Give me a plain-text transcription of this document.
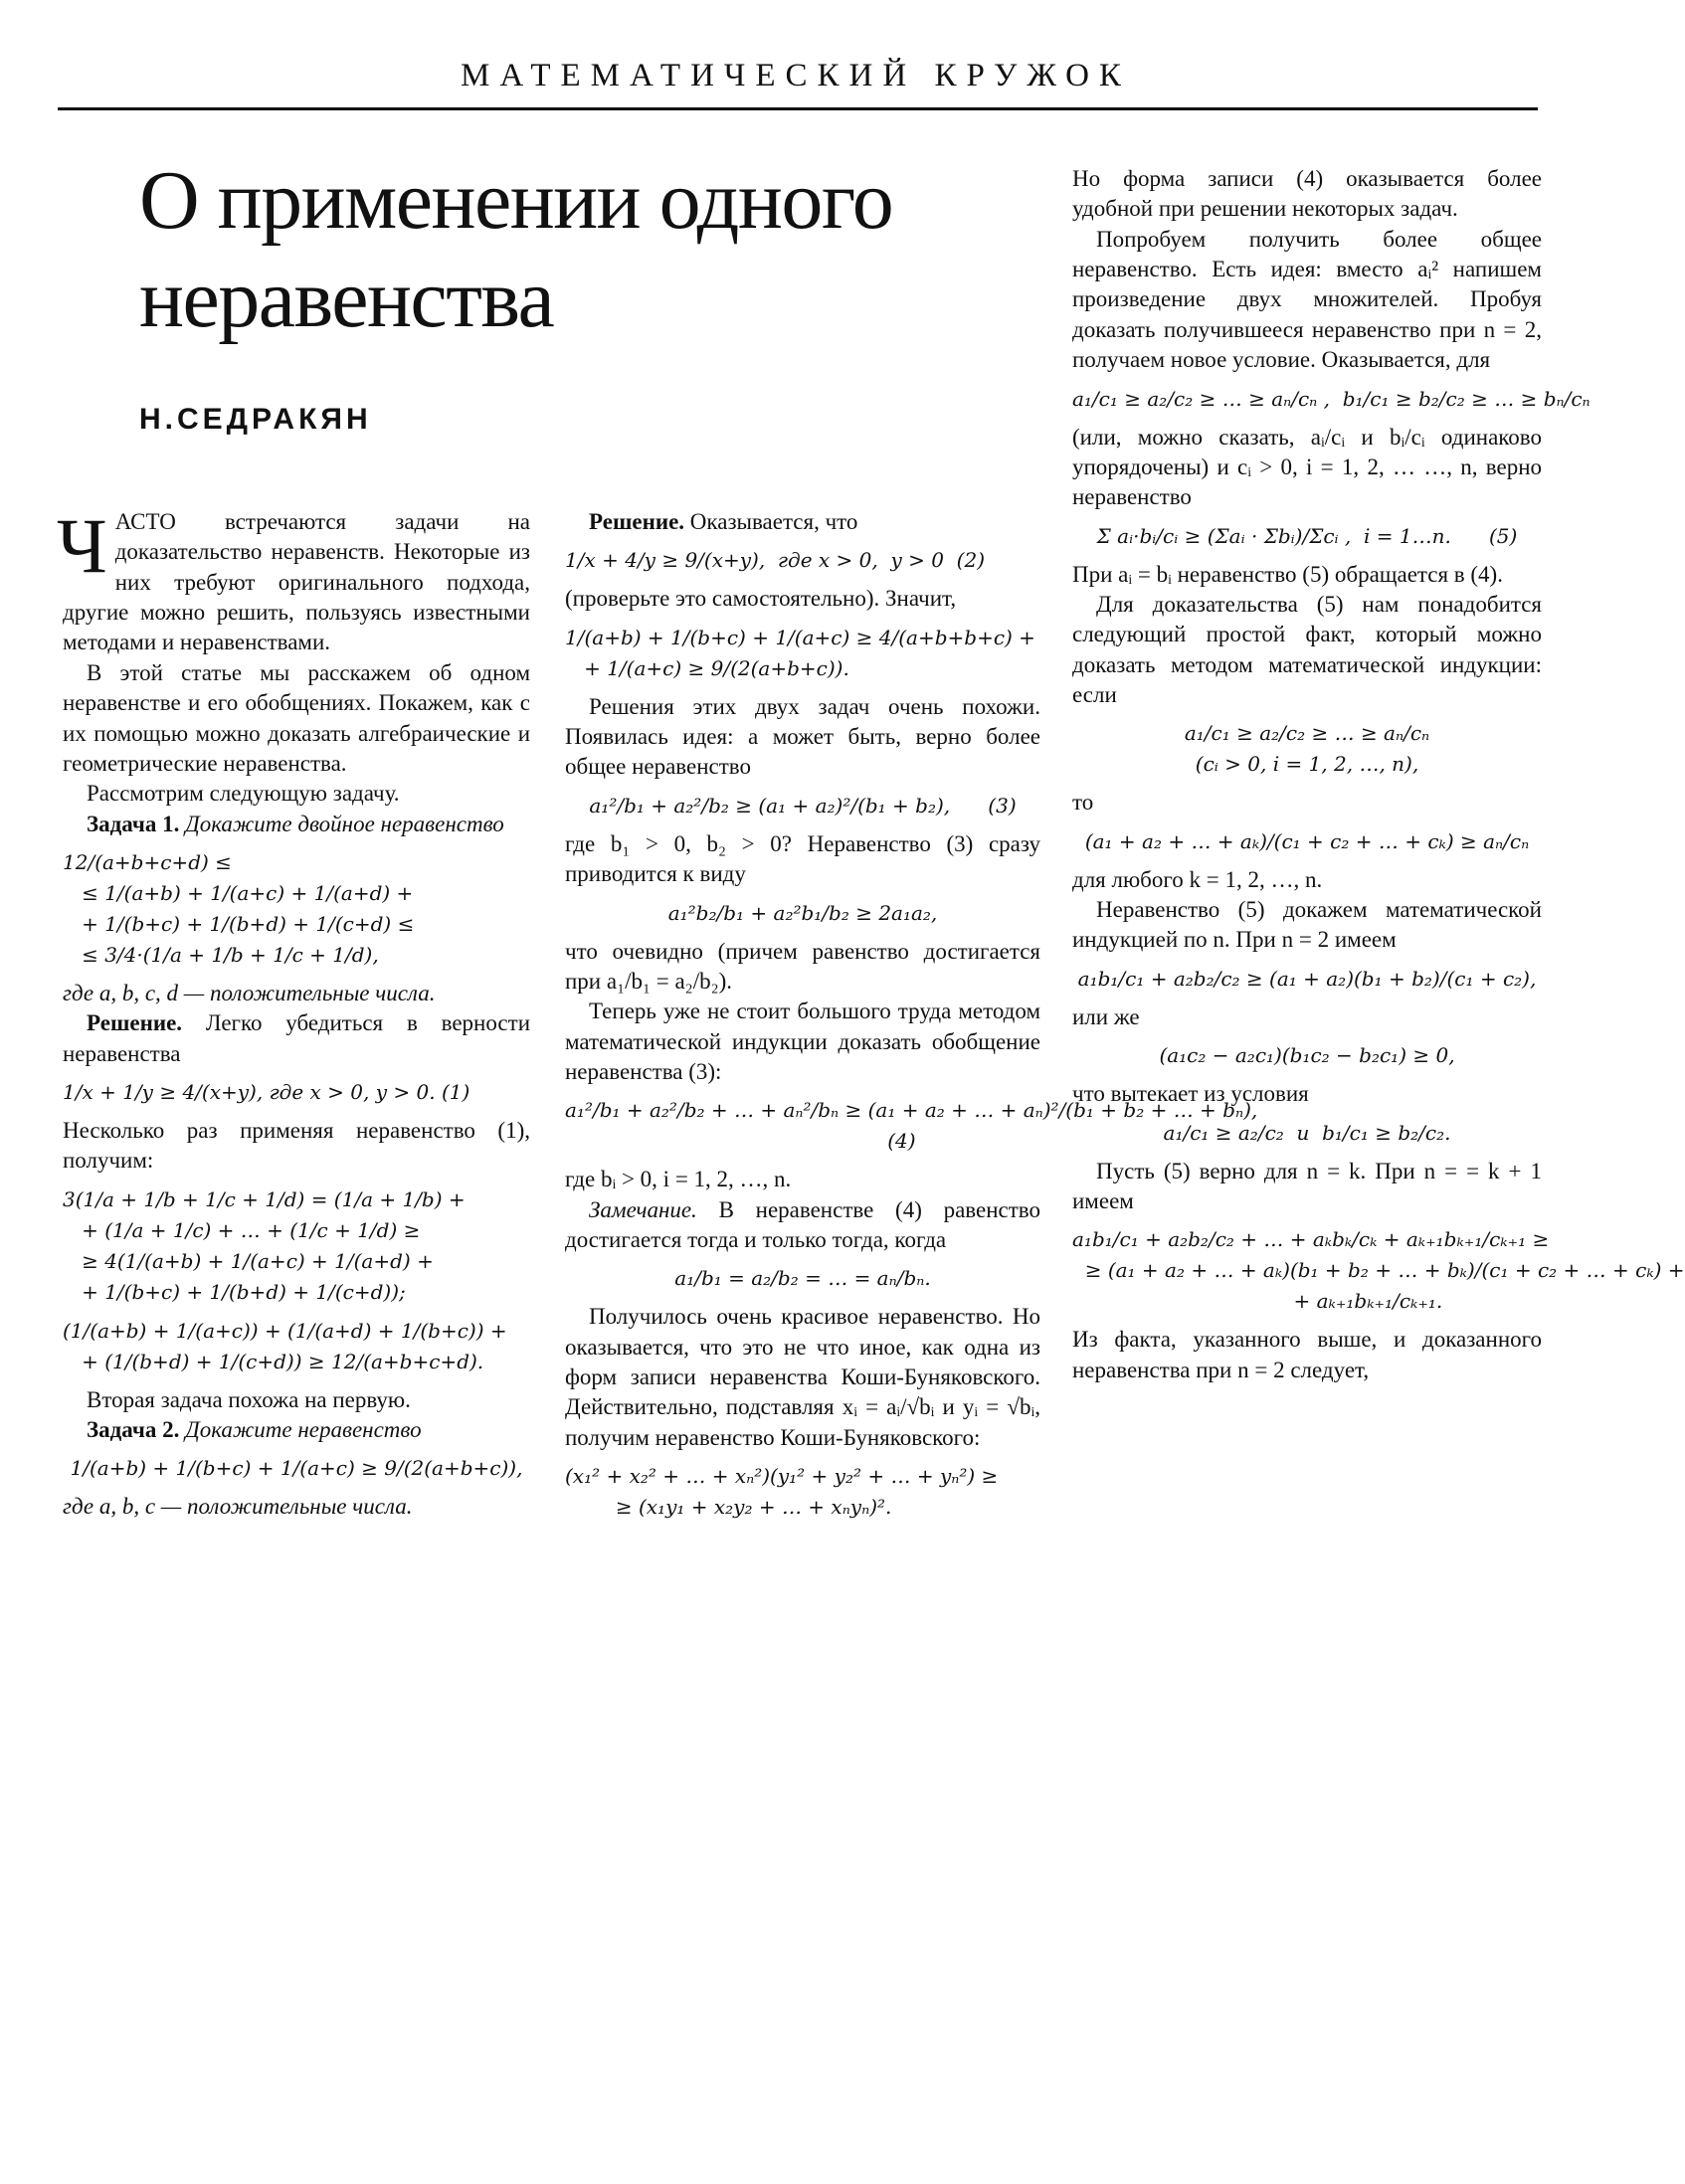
МАТЕМАТИЧЕСКИЙ КРУЖОК
О применении одного
неравенства
Н.СЕДРАКЯН

ЧАСТО встречаются задачи на доказательство неравенств. Некоторые из них требуют оригинального подхода, другие можно решить, пользуясь известными методами и неравенствами.

В этой статье мы расскажем об одном неравенстве и его обобщениях. Покажем, как с их помощью можно доказать алгебраические и геометрические неравенства.

Рассмотрим следующую задачу.

Задача 1. Докажите двойное неравенство

12/(a+b+c+d) ≤
≤ 1/(a+b) + 1/(a+c) + 1/(a+d) +
+ 1/(b+c) + 1/(b+d) + 1/(c+d) ≤
≤ 3/4·(1/a + 1/b + 1/c + 1/d),

где a, b, c, d — положительные числа.

Решение. Легко убедиться в верности неравенства

1/x + 1/y ≥ 4/(x+y), где x > 0, y > 0. (1)

Несколько раз применяя неравенство (1), получим:

3(1/a + 1/b + 1/c + 1/d) = (1/a + 1/b) +
+ (1/a + 1/c) + … + (1/c + 1/d) ≥
≥ 4(1/(a+b) + 1/(a+c) + 1/(a+d) +
+ 1/(b+c) + 1/(b+d) + 1/(c+d));
(1/(a+b) + 1/(a+c)) + (1/(a+d) + 1/(b+c)) +
+ (1/(b+d) + 1/(c+d)) ≥ 12/(a+b+c+d).

Вторая задача похожа на первую.

Задача 2. Докажите неравенство

1/(a+b) + 1/(b+c) + 1/(a+c) ≥ 9/(2(a+b+c)),

где a, b, c — положительные числа.

Решение. Оказывается, что

1/x + 4/y ≥ 9/(x+y),  где x > 0,  y > 0  (2)

(проверьте это самостоятельно). Значит,

1/(a+b) + 1/(b+c) + 1/(a+c) ≥ 4/(a+b+b+c) +
+ 1/(a+c) ≥ 9/(2(a+b+c)).

Решения этих двух задач очень похожи. Появилась идея: а может быть, верно более общее неравенство

a₁²/b₁ + a₂²/b₂ ≥ (a₁ + a₂)²/(b₁ + b₂),      (3)

где b₁ > 0, b₂ > 0? Неравенство (3) сразу приводится к виду

a₁²b₂/b₁ + a₂²b₁/b₂ ≥ 2a₁a₂,

что очевидно (причем равенство достигается при a₁/b₁ = a₂/b₂).

Теперь уже не стоит большого труда методом математической индукции доказать обобщение неравенства (3):

a₁²/b₁ + a₂²/b₂ + … + aₙ²/bₙ ≥ (a₁ + a₂ + … + aₙ)²/(b₁ + b₂ + … + bₙ),
(4)

где bᵢ > 0, i = 1, 2, …, n.

Замечание. В неравенстве (4) равенство достигается тогда и только тогда, когда

a₁/b₁ = a₂/b₂ = … = aₙ/bₙ.

Получилось очень красивое неравенство. Но оказывается, что это не что иное, как одна из форм записи неравенства Коши-Буняковского. Действительно, подставляя xᵢ = aᵢ/√bᵢ и yᵢ = √bᵢ, получим неравенство Коши-Буняковского:

(x₁² + x₂² + … + xₙ²)(y₁² + y₂² + … + yₙ²) ≥
≥ (x₁y₁ + x₂y₂ + … + xₙyₙ)².

Но форма записи (4) оказывается более удобной при решении некоторых задач.

Попробуем получить более общее неравенство. Есть идея: вместо aᵢ² напишем произведение двух множителей. Пробуя доказать получившееся неравенство при n = 2, получаем новое условие. Оказывается, для

a₁/c₁ ≥ a₂/c₂ ≥ … ≥ aₙ/cₙ ,  b₁/c₁ ≥ b₂/c₂ ≥ … ≥ bₙ/cₙ

(или, можно сказать, aᵢ/cᵢ и bᵢ/cᵢ одинаково упорядочены) и cᵢ > 0, i = 1, 2, … …, n, верно неравенство

Σ aᵢ·bᵢ/cᵢ ≥ (Σaᵢ · Σbᵢ)/Σcᵢ ,  i = 1…n.      (5)

При aᵢ = bᵢ неравенство (5) обращается в (4).

Для доказательства (5) нам понадобится следующий простой факт, который можно доказать методом математической индукции: если

a₁/c₁ ≥ a₂/c₂ ≥ … ≥ aₙ/cₙ
(cᵢ > 0, i = 1, 2, …, n),

то

(a₁ + a₂ + … + aₖ)/(c₁ + c₂ + … + cₖ) ≥ aₙ/cₙ

для любого k = 1, 2, …, n.

Неравенство (5) докажем математической индукцией по n. При n = 2 имеем

a₁b₁/c₁ + a₂b₂/c₂ ≥ (a₁ + a₂)(b₁ + b₂)/(c₁ + c₂),

или же

(a₁c₂ − a₂c₁)(b₁c₂ − b₂c₁) ≥ 0,

что вытекает из условия

a₁/c₁ ≥ a₂/c₂  и  b₁/c₁ ≥ b₂/c₂.

Пусть (5) верно для n = k. При n = = k + 1 имеем

a₁b₁/c₁ + a₂b₂/c₂ + … + aₖbₖ/cₖ + aₖ₊₁bₖ₊₁/cₖ₊₁ ≥
≥ (a₁ + a₂ + … + aₖ)(b₁ + b₂ + … + bₖ)/(c₁ + c₂ + … + cₖ) +
+ aₖ₊₁bₖ₊₁/cₖ₊₁.

Из факта, указанного выше, и доказанного неравенства при n = 2 следует,
